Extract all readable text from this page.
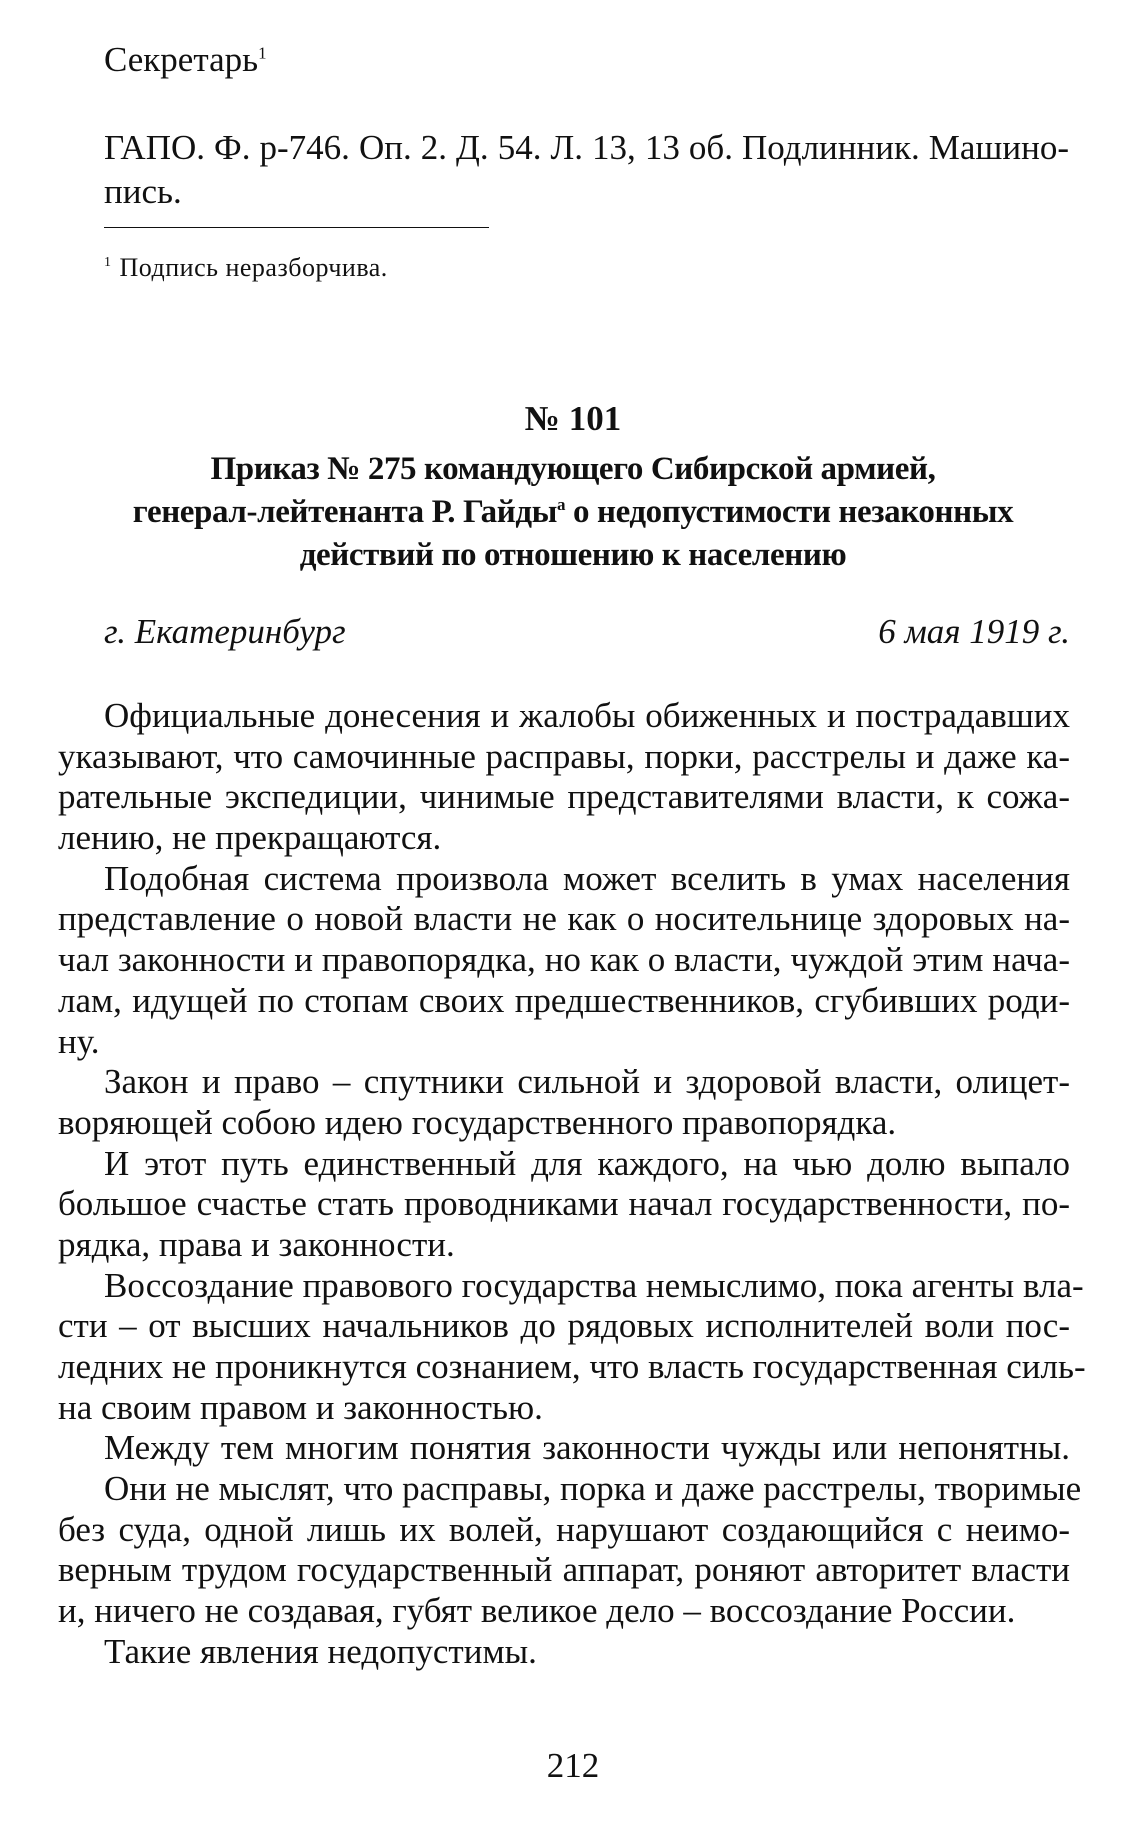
Секретарь$^1$
ГАПО. Ф. р-746. Оп. 2. Д. 54. Л. 13, 13 об. Подлинник. Машино-пись.
$^1$ Подпись неразборчива.
№ 101
Приказ № 275 командующего Сибирской армией,
генерал-лейтенанта Р. Гайды$^а$ о недопустимости незаконных
действий по отношению к населению
г. Екатеринбург	6 мая 1919 г.
Официальные донесения и жалобы обиженных и пострадавших
указывают, что самочинные расправы, порки, расстрелы и даже ка-
рательные экспедиции, чинимые представителями власти, к сожа-
лению, не прекращаются.
Подобная система произвола может вселить в умах населения
представление о новой власти не как о носительнице здоровых на-
чал законности и правопорядка, но как о власти, чуждой этим нача-
лам, идущей по стопам своих предшественников, сгубивших роди-
ну.
Закон и право – спутники сильной и здоровой власти, олицет-
воряющей собою идею государственного правопорядка.
И этот путь единственный для каждого, на чью долю выпало
большое счастье стать проводниками начал государственности, по-
рядка, права и законности.
Воссоздание правового государства немыслимо, пока агенты вла-
сти – от высших начальников до рядовых исполнителей воли пос-
ледних не проникнутся сознанием, что власть государственная силь-
на своим правом и законностью.
Между тем многим понятия законности чужды или непонятны.
Они не мыслят, что расправы, порка и даже расстрелы, творимые
без суда, одной лишь их волей, нарушают создающийся с неимо-
верным трудом государственный аппарат, роняют авторитет власти
и, ничего не создавая, губят великое дело – воссоздание России.
Такие явления недопустимы.
212
